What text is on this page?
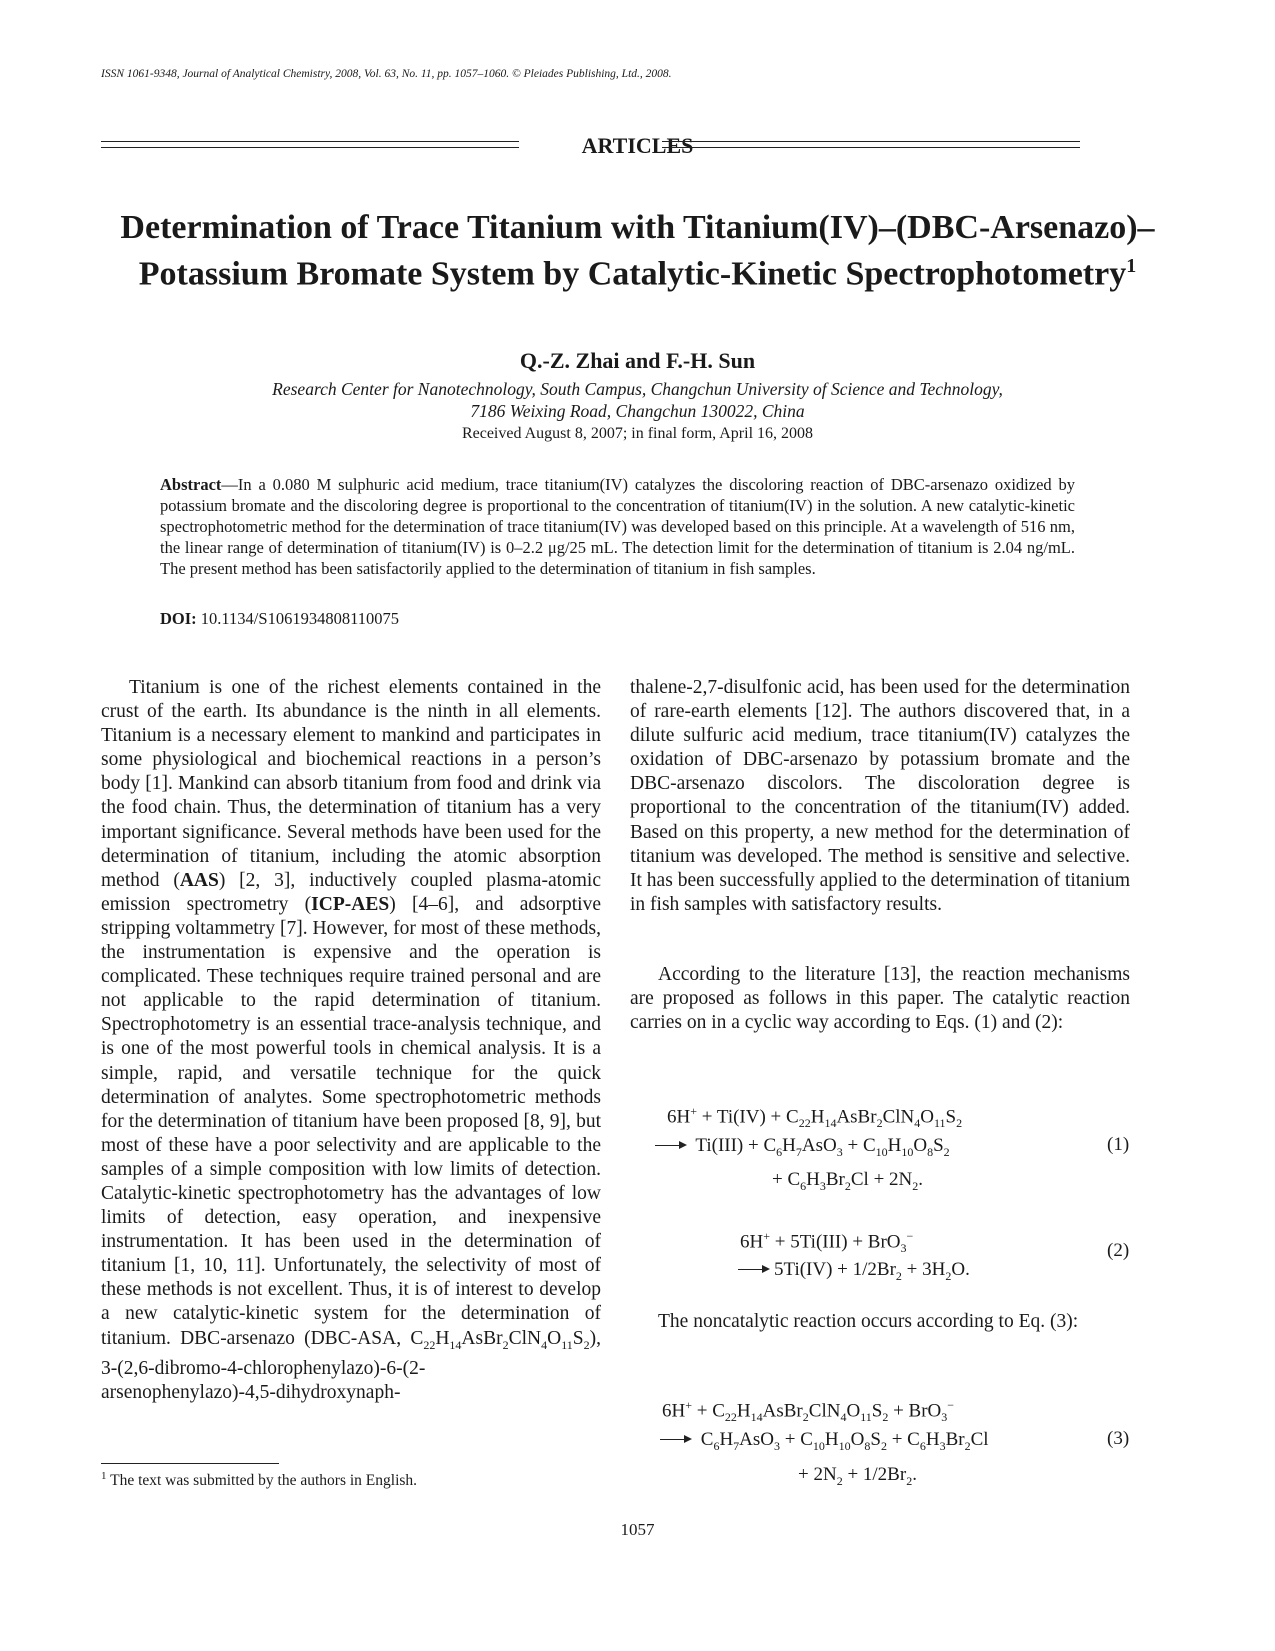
ISSN 1061-9348, Journal of Analytical Chemistry, 2008, Vol. 63, No. 11, pp. 1057–1060. © Pleiades Publishing, Ltd., 2008.
ARTICLES
Determination of Trace Titanium with Titanium(IV)–(DBC-Arsenazo)–Potassium Bromate System by Catalytic-Kinetic Spectrophotometry$^1$
Q.-Z. Zhai and F.-H. Sun
Research Center for Nanotechnology, South Campus, Changchun University of Science and Technology,
7186 Weixing Road, Changchun 130022, China
Received August 8, 2007; in final form, April 16, 2008
Abstract—In a 0.080 M sulphuric acid medium, trace titanium(IV) catalyzes the discoloring reaction of DBC-arsenazo oxidized by potassium bromate and the discoloring degree is proportional to the concentration of titanium(IV) in the solution. A new catalytic-kinetic spectrophotometric method for the determination of trace titanium(IV) was developed based on this principle. At a wavelength of 516 nm, the linear range of determination of titanium(IV) is 0–2.2 μg/25 mL. The detection limit for the determination of titanium is 2.04 ng/mL. The present method has been satisfactorily applied to the determination of titanium in fish samples.
DOI: 10.1134/S1061934808110075

Titanium is one of the richest elements contained in the crust of the earth. Its abundance is the ninth in all elements. Titanium is a necessary element to mankind and participates in some physiological and biochemical reactions in a person’s body [1]. Mankind can absorb titanium from food and drink via the food chain. Thus, the determination of titanium has a very important significance. Several methods have been used for the determination of titanium, including the atomic absorption method (AAS) [2, 3], inductively coupled plasma-atomic emission spectrometry (ICP-AES) [4–6], and adsorptive stripping voltammetry [7]. However, for most of these methods, the instrumentation is expensive and the operation is complicated. These techniques require trained personal and are not applicable to the rapid determination of titanium. Spectrophotometry is an essential trace-analysis technique, and is one of the most powerful tools in chemical analysis. It is a simple, rapid, and versatile technique for the quick determination of analytes. Some spectrophotometric methods for the determination of titanium have been proposed [8, 9], but most of these have a poor selectivity and are applicable to the samples of a simple composition with low limits of detection. Catalytic-kinetic spectrophotometry has the advantages of low limits of detection, easy operation, and inexpensive instrumentation. It has been used in the determination of titanium [1, 10, 11]. Unfortunately, the selectivity of most of these methods is not excellent. Thus, it is of interest to develop a new catalytic-kinetic system for the determination of titanium. DBC-arsenazo (DBC-ASA, $C_{22}H_{14}AsBr_2ClN_4O_{11}S_2$), 3-(2,6-dibromo-4-chlorophenylazo)-6-(2- arsenophenylazo)-4,5-dihydroxynaph-

thalene-2,7-disulfonic acid, has been used for the determination of rare-earth elements [12]. The authors discovered that, in a dilute sulfuric acid medium, trace titanium(IV) catalyzes the oxidation of DBC-arsenazo by potassium bromate and the DBC-arsenazo discolors. The discoloration degree is proportional to the concentration of the titanium(IV) added. Based on this property, a new method for the determination of titanium was developed. The method is sensitive and selective. It has been successfully applied to the determination of titanium in fish samples with satisfactory results.
According to the literature [13], the reaction mechanisms are proposed as follows in this paper. The catalytic reaction carries on in a cyclic way according to Eqs. (1) and (2):
$6H^+ + Ti(IV) + C_{22}H_{14}AsBr_2ClN_4O_{11}S_2$
→ $Ti(III) + C_6H_7AsO_3 + C_{10}H_{10}O_8S_2$
+ $C_6H_3Br_2Cl + 2N_2$.
(1)
6H+ + 5Ti(III) + BrO$_3$−
→ $5Ti(IV) + 1/2Br_2 + 3H_2O$.
(2)
The noncatalytic reaction occurs according to Eq. (3):
$6H^+ + C_{22}H_{14}AsBr_2ClN_4O_{11}S_2 + BrO_3^-$
→ $C_6H_7AsO_3 + C_{10}H_{10}O_8S_2 + C_6H_3Br_2Cl$
+ $2N_2 + 1/2Br_2$.
(3)
$^1$ The text was submitted by the authors in English.
1057
